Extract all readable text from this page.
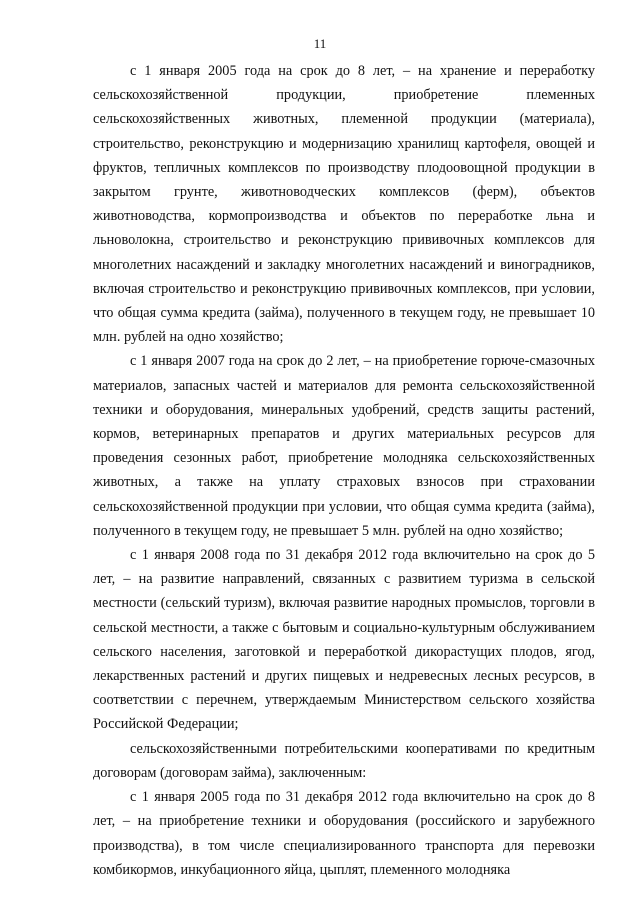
11

с 1 января 2005 года на срок до 8 лет, – на хранение и переработку сельскохозяйственной продукции, приобретение племенных сельскохозяйственных животных, племенной продукции (материала), строительство, реконструкцию и модернизацию хранилищ картофеля, овощей и фруктов, тепличных комплексов по производству плодоовощной продукции в закрытом грунте, животноводческих комплексов (ферм), объектов животноводства, кормопроизводства и объектов по переработке льна и льноволокна, строительство и реконструкцию прививочных комплексов для многолетних насаждений и закладку многолетних насаждений и виноградников, включая строительство и реконструкцию прививочных комплексов, при условии, что общая сумма кредита (займа), полученного в текущем году, не превышает 10 млн. рублей на одно хозяйство;

с 1 января 2007 года на срок до 2 лет, – на приобретение горюче-смазочных материалов, запасных частей и материалов для ремонта сельскохозяйственной техники и оборудования, минеральных удобрений, средств защиты растений, кормов, ветеринарных препаратов и других материальных ресурсов для проведения сезонных работ, приобретение молодняка сельскохозяйственных животных, а также на уплату страховых взносов при страховании сельскохозяйственной продукции при условии, что общая сумма кредита (займа), полученного в текущем году, не превышает 5 млн. рублей на одно хозяйство;

с 1 января 2008 года по 31 декабря 2012 года включительно на срок до 5 лет, – на развитие направлений, связанных с развитием туризма в сельской местности (сельский туризм), включая развитие народных промыслов, торговли в сельской местности, а также с бытовым и социально-культурным обслуживанием сельского населения, заготовкой и переработкой дикорастущих плодов, ягод, лекарственных растений и других пищевых и недревесных лесных ресурсов, в соответствии с перечнем, утверждаемым Министерством сельского хозяйства Российской Федерации;

сельскохозяйственными потребительскими кооперативами по кредитным договорам (договорам займа), заключенным:

с 1 января 2005 года по 31 декабря 2012 года включительно на срок до 8 лет, – на приобретение техники и оборудования (российского и зарубежного производства), в том числе специализированного транспорта для перевозки комбикормов, инкубационного яйца, цыплят, племенного молодняка
